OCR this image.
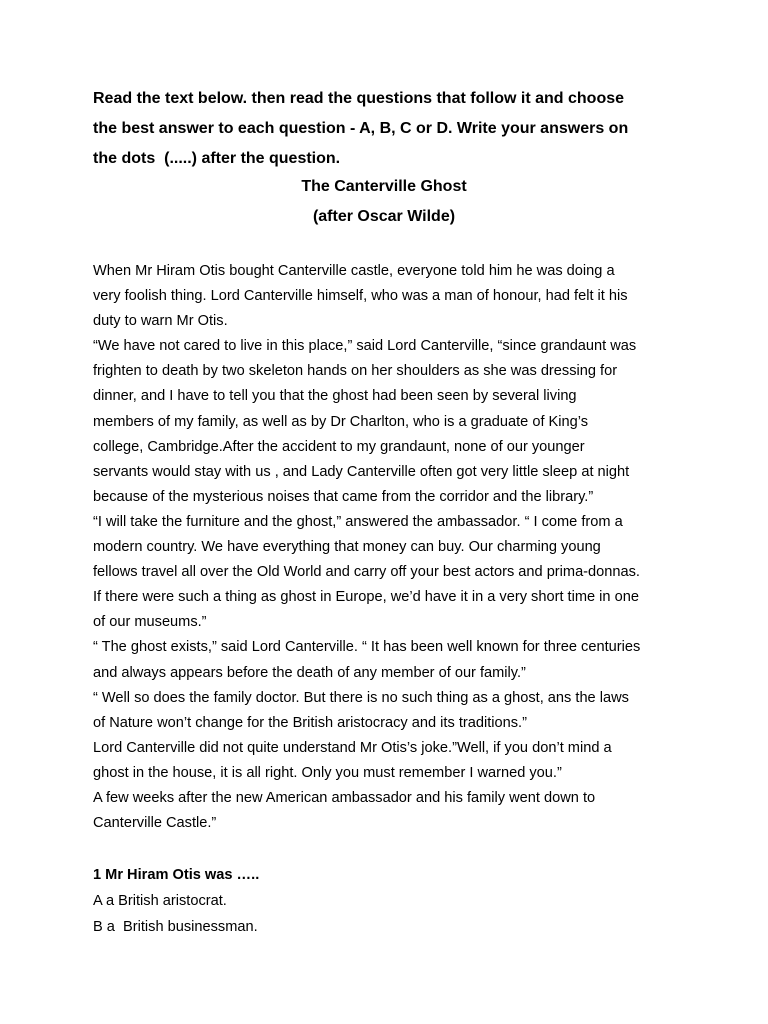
Read the text below. then read the questions that follow it and choose
the best answer to each question - A, B, C or D. Write your answers on
the dots  (.....) after the question.
The Canterville Ghost
(after Oscar Wilde)

When Mr Hiram Otis bought Canterville castle, everyone told him he was doing a

very foolish thing. Lord Canterville himself, who was a man of honour, had felt it his

duty to warn Mr Otis.

“We have not cared to live in this place,” said Lord Canterville, “since grandaunt was

frighten to death by two skeleton hands on her shoulders as she was dressing for

dinner, and I have to tell you that the ghost had been seen by several living

members of my family, as well as by Dr Charlton, who is a graduate of King’s

college, Cambridge.After the accident to my grandaunt, none of our younger

servants would stay with us , and Lady Canterville often got very little sleep at night

because of the mysterious noises that came from the corridor and the library.”

“I will take the furniture and the ghost,” answered the ambassador. “ I come from a

modern country. We have everything that money can buy. Our charming young

fellows travel all over the Old World and carry off your best actors and prima-donnas.

If there were such a thing as ghost in Europe, we’d have it in a very short time in one

of our museums.”

“ The ghost exists,” said Lord Canterville. “ It has been well known for three centuries

and always appears before the death of any member of our family.”

“ Well so does the family doctor. But there is no such thing as a ghost, ans the laws

of Nature won’t change for the British aristocracy and its traditions.”

Lord Canterville did not quite understand Mr Otis’s joke.”Well, if you don’t mind a

ghost in the house, it is all right. Only you must remember I warned you.”

A few weeks after the new American ambassador and his family went down to

Canterville Castle.”

1 Mr Hiram Otis was …..

A a British aristocrat.

B a  British businessman.
